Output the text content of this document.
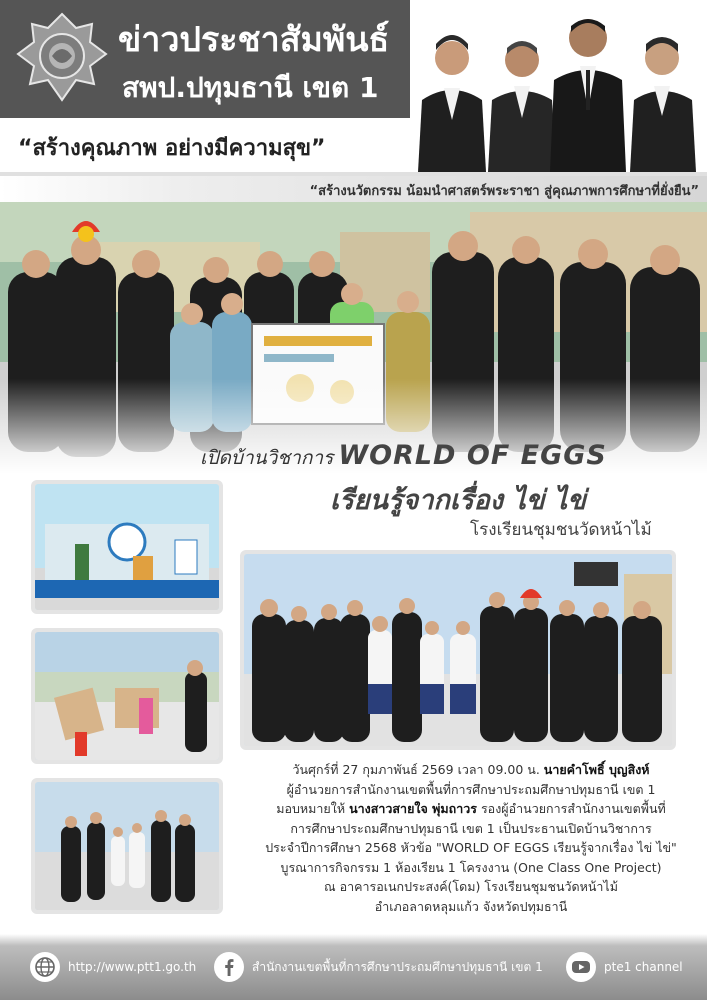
ข่าวประชาสัมพันธ์
สพป.ปทุมธานี เขต 1
“สร้างคุณภาพ อย่างมีความสุข”
“สร้างนวัตกรรม น้อมนำศาสตร์พระราชา สู่คุณภาพการศึกษาที่ยั่งยืน”
เปิดบ้านวิชาการ WORLD OF EGGS
เรียนรู้จากเรื่อง ไข่ ไข่
โรงเรียนชุมชนวัดหน้าไม้

วันศุกร์ที่ 27 กุมภาพันธ์ 2569 เวลา 09.00 น. นายคำโพธิ์ บุญสิงห์

ผู้อำนวยการสำนักงานเขตพื้นที่การศึกษาประถมศึกษาปทุมธานี เขต 1

มอบหมายให้ นางสาวสายใจ พุ่มถาวร รองผู้อำนวยการสำนักงานเขตพื้นที่

การศึกษาประถมศึกษาปทุมธานี เขต 1 เป็นประธานเปิดบ้านวิชาการ

ประจำปีการศึกษา 2568 หัวข้อ "WORLD OF EGGS เรียนรู้จากเรื่อง ไข่ ไข่"

บูรณาการกิจกรรม 1 ห้องเรียน 1 โครงงาน (One Class One Project)

ณ อาคารอเนกประสงค์(โดม) โรงเรียนชุมชนวัดหน้าไม้

อำเภอลาดหลุมแก้ว จังหวัดปทุมธานี

http://www.ptt1.go.th	สำนักงานเขตพื้นที่การศึกษาประถมศึกษาปทุมธานี เขต 1	pte1 channel
